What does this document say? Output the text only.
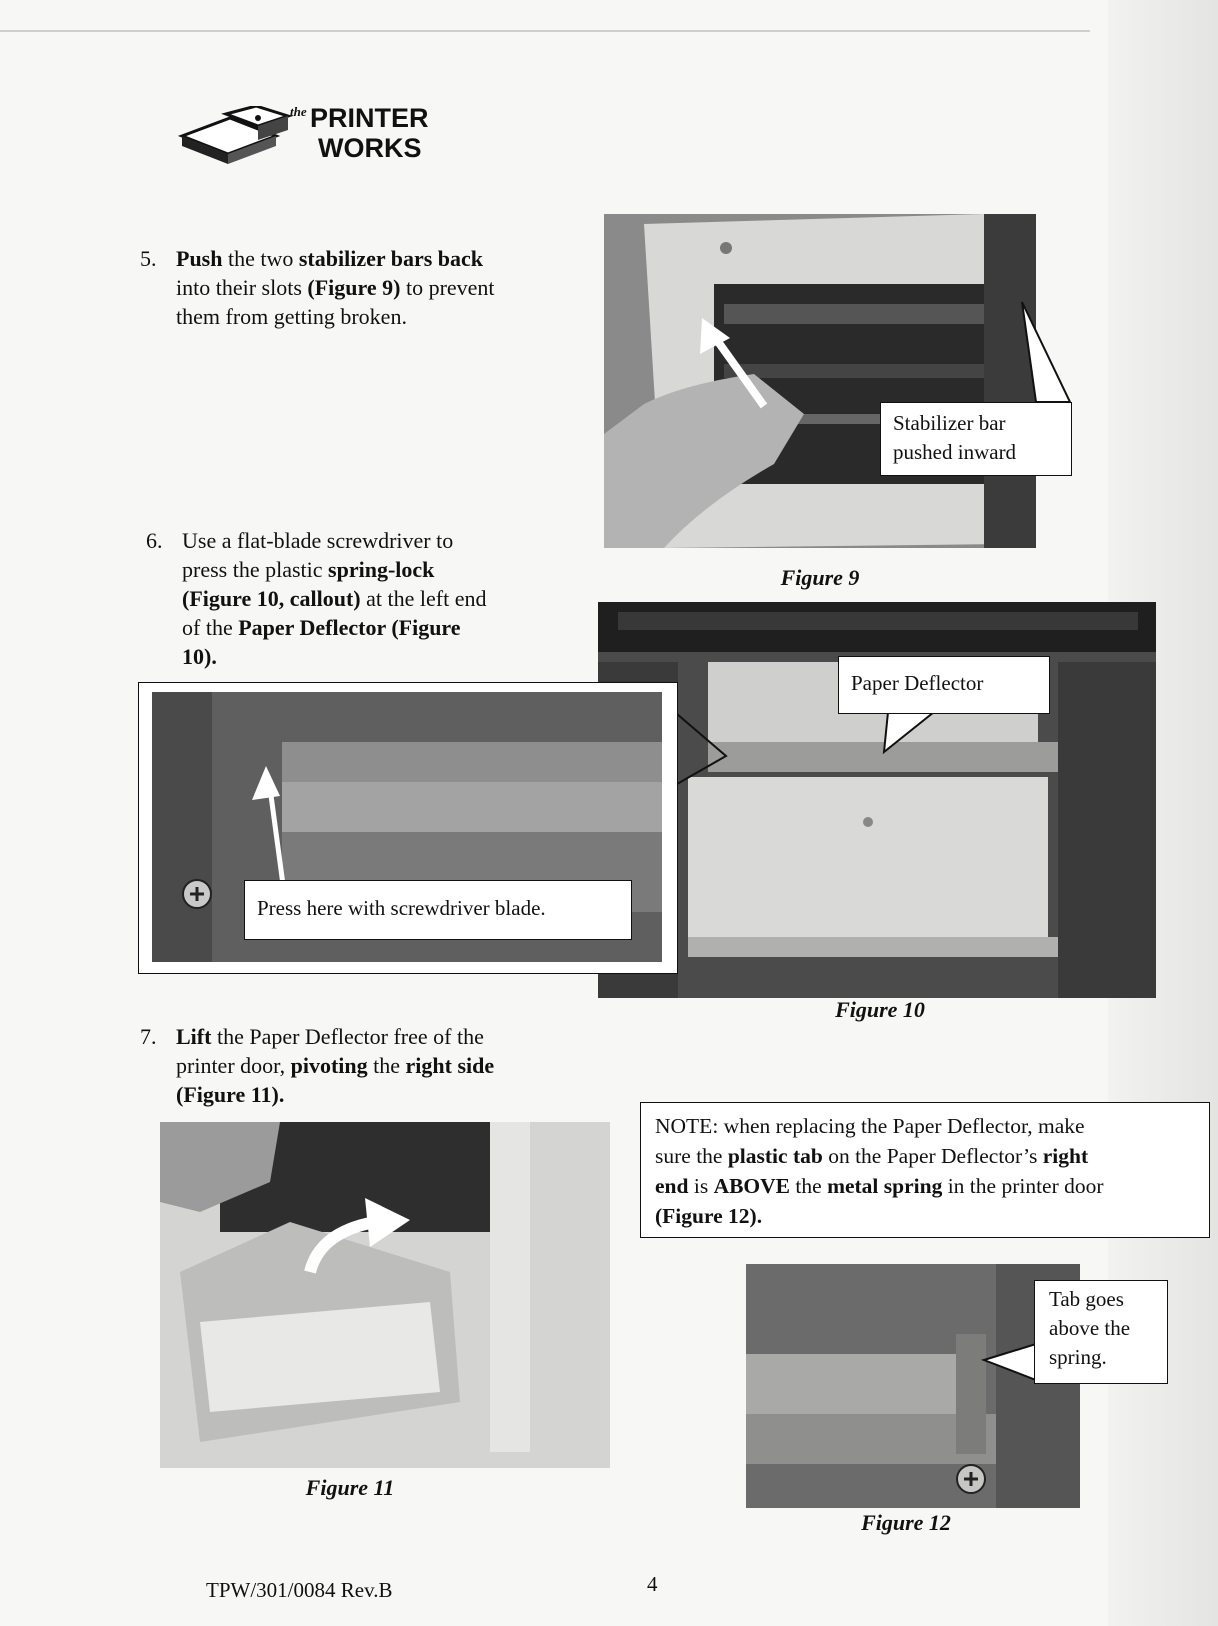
the PRINTER
WORKS
5. Push the two stabilizer bars back
into their slots (Figure 9) to prevent
them from getting broken.
Stabilizer bar
pushed inward
Figure 9
6. Use a flat-blade screwdriver to
press the plastic spring-lock
(Figure 10, callout) at the left end
of the Paper Deflector (Figure
10).
Paper Deflector
Press here with screwdriver blade.
Figure 10
7. Lift the Paper Deflector free of the
printer door, pivoting the right side
(Figure 11).
Figure 11
NOTE: when replacing the Paper Deflector, make
sure the plastic tab on the Paper Deflector’s right
end is ABOVE the metal spring in the printer door
(Figure 12).
Tab goes
above the
spring.
Figure 12
TPW/301/0084 Rev.B	4
